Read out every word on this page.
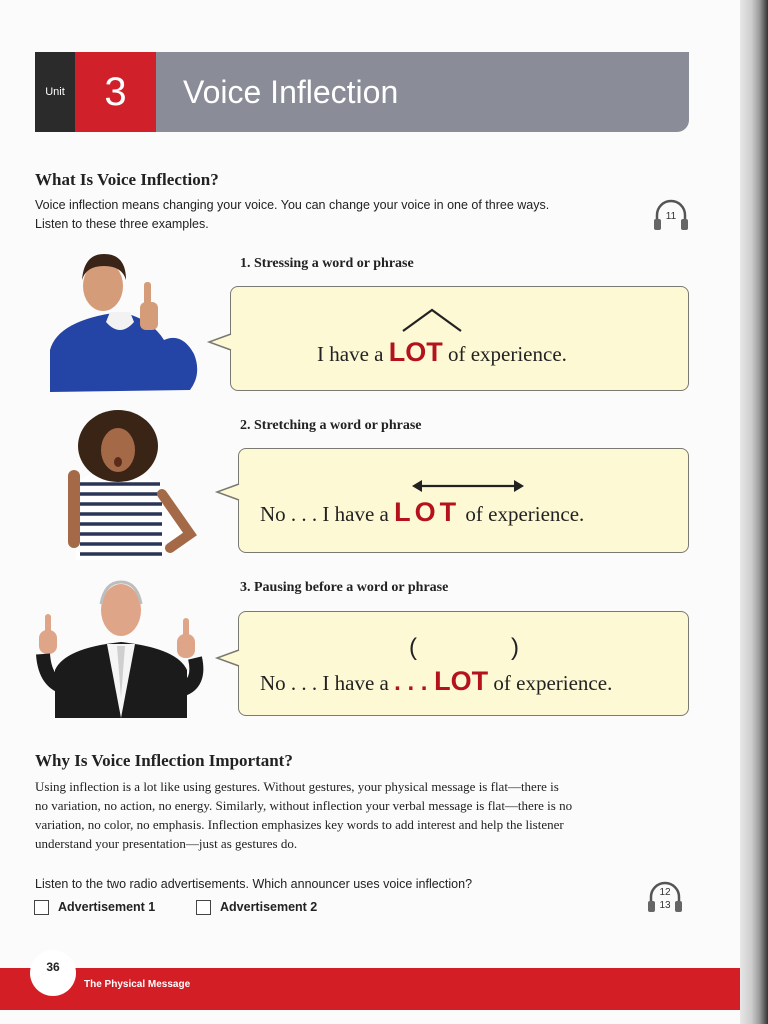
Unit 3	Voice Inflection
What Is Voice Inflection?
Voice inflection means changing your voice. You can change your voice in one of three ways.
Listen to these three examples.
11
1. Stressing a word or phrase
I have a LOT of experience.
2. Stretching a word or phrase
No . . . I have a LOT of experience.
3. Pausing before a word or phrase
(	)
No . . . I have a . . . LOT of experience.
Why Is Voice Inflection Important?
Using inflection is a lot like using gestures. Without gestures, your physical message is flat—there is
no variation, no action, no energy. Similarly, without inflection your verbal message is flat—there is no
variation, no color, no emphasis. Inflection emphasizes key words to add interest and help the listener
understand your presentation—just as gestures do.
Listen to the two radio advertisements. Which announcer uses voice inflection?
Advertisement 1	Advertisement 2
12
13
36
The Physical Message
